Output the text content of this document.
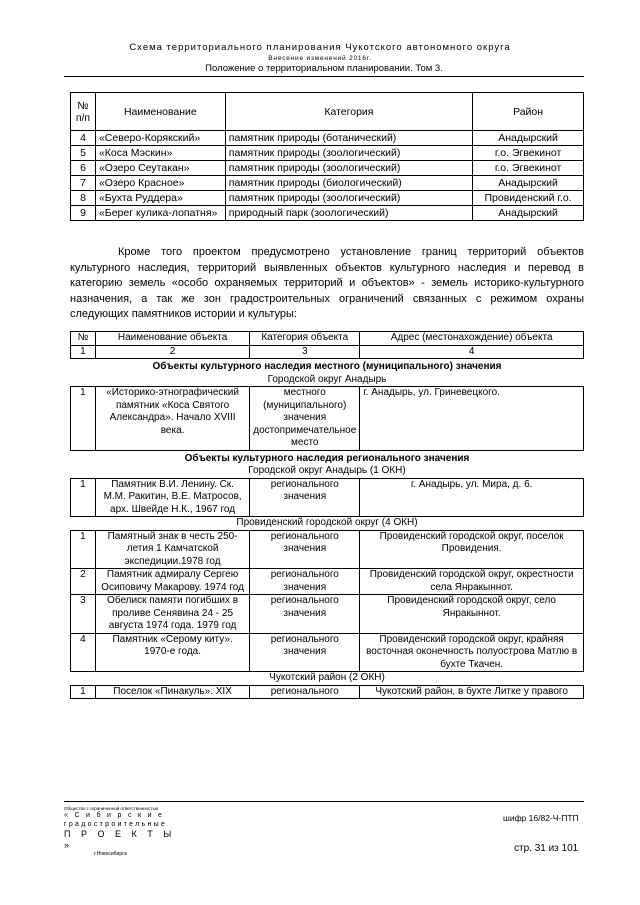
Схема территориального планирования Чукотского автономного округа
Внесение изменений 2016г.
Положение о территориальном планировании. Том 3.
№ п/п	Наименование	Категория	Район
4	«Северо-Корякский»	памятник природы (ботанический)	Анадырский
5	«Коса Мэскин»	памятник природы (зоологический)	г.о. Эгвекинот
6	«Озеро Сеутакан»	памятник природы (зоологический)	г.о. Эгвекинот
7	«Озеро Красное»	памятник природы (биологический)	Анадырский
8	«Бухта Руддера»	памятник природы (зоологический)	Провиденский г.о.
9	«Берег кулика-лопатня»	природный парк (зоологический)	Анадырский

Кроме того проектом предусмотрено установление границ территорий объектов культурного наследия, территорий выявленных объектов культурного наследия и перевод в категорию земель «особо охраняемых территорий и объектов» - земель историко-культурного назначения, а так же зон градостроительных ограничений связанных с режимом охраны следующих памятников истории и культуры:

№	Наименование объекта	Категория объекта	Адрес (местонахождение) объекта
1	2	3	4
Объекты культурного наследия местного (муниципального) значения			
Городской округ Анадырь			
1	«Историко-этнографический памятник «Коса Святого Александра». Начало XVIII века.	местного (муниципального) значения достопримечательное место	г. Анадырь, ул. Гриневецкого.
Объекты культурного наследия регионального значения			
Городской округ Анадырь (1 ОКН)			
1	Памятник В.И. Ленину. Ск. М.М. Ракитин, В.Е. Матросов, арх. Швейде Н.К., 1967 год	регионального значения	г. Анадырь, ул. Мира, д. 6.
Провиденский городской округ (4 ОКН)			
1	Памятный знак в честь 250-летия 1 Камчатской экспедиции.1978 год	регионального значения	Провиденский городской округ, поселок Провидения.
2	Памятник адмиралу Сергею Осиповичу Макарову. 1974 год	регионального значения	Провиденский городской округ, окрестности села Янракыннот.
3	Обелиск памяти погибших в проливе Сенявина 24 - 25 августа 1974 года. 1979 год	регионального значения	Провиденский городской округ, село Янракыннот.
4	Памятник «Серому киту». 1970-е года.	регионального значения	Провиденский городской округ, крайняя восточная оконечность полуострова Матлю в бухте Ткачен.
Чукотский район (2 ОКН)			
1	Поселок «Пинакуль». XIX	регионального	Чукотский район, в бухте Литке у правого
Общество с ограниченной ответственностью
« С и б и р с к и е
градостроительные
П Р О Е К Т Ы »
г.Новосибирск
шифр 16/82-Ч-ПТП
стр. 31 из 101
